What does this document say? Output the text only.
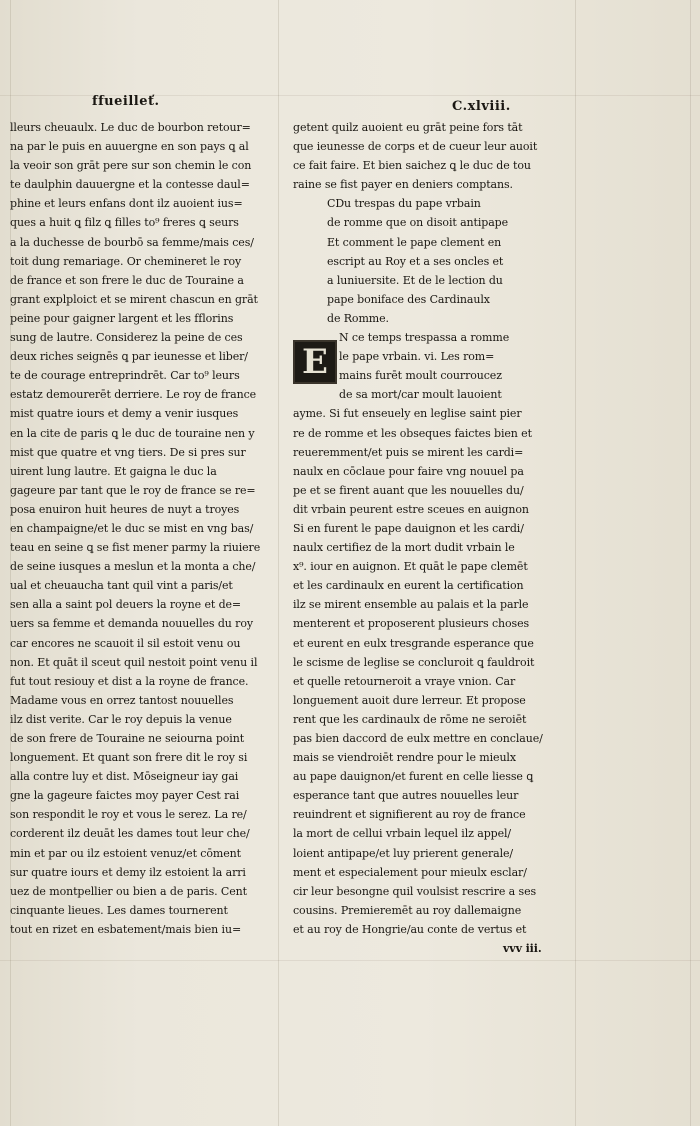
ffueilleť.	C.xlviii.
lleurs cheuaulx. Le duc de bourbon retour=
na par le puis en auuergne en son pays ꝗ al
la veoir son grāt pere sur son chemin le con
te daulphin dauuergne et la contesse daul=
phine et leurs enfans dont ilz auoient ius=
ques a huit ꝗ filz ꝗ filles to⁹ freres ꝗ seurs
a la duchesse de bourbō sa femme/mais ces/
toit dung remariage. Or chemineret le roy
de france et son frere le duc de Touraine a
grant explploict et se mirent chascun en grāt
peine pour gaigner largent et les fflorins
sung de lautre. Considerez la peine de ces
deux riches seignēs ꝗ par ieunesse et liber/
te de courage entreprindrēt. Car to⁹ leurs
estatz demourerēt derriere. Le roy de france
mist quatre iours et demy a venir iusques
en la cite de paris ꝗ le duc de touraine nen y
mist que quatre et vng tiers. De si pres sur
uirent lung lautre. Et gaigna le duc la
gageure par tant que le roy de france se re=
posa enuiron huit heures de nuyt a troyes
en champaigne/et le duc se mist en vng bas/
teau en seine ꝗ se fist mener parmy la riuiere
de seine iusques a meslun et la monta a che/
ual et cheuaucha tant quil vint a paris/et
sen alla a saint pol deuers la royne et de=
uers sa femme et demanda nouuelles du roy
car encores ne scauoit il sil estoit venu ou
non. Et quāt il sceut quil nestoit point venu il
fut tout resiouy et dist a la royne de france.
Madame vous en orrez tantost nouuelles
ilz dist verite. Car le roy depuis la venue
de son frere de Touraine ne seiourna point
longuement. Et quant son frere dit le roy si
alla contre luy et dist. Mōseigneur iay gai
gne la gageure faictes moy payer Cest rai
son respondit le roy et vous le serez. La re/
corderent ilz deuāt les dames tout leur che/
min et par ou ilz estoient venuz/et cōment
sur quatre iours et demy ilz estoient la arri
uez de montpellier ou bien a de paris. Cent
cinquante lieues. Les dames tournerent
tout en rizet en esbatement/mais bien iu=
getent quilz auoient eu grāt peine fors tāt
que ieunesse de corps et de cueur leur auoit
ce fait faire. Et bien saichez ꝗ le duc de tou
raine se fist payer en deniers comptans.
CDu trespas du pape vrbain
de romme que on disoit antipape
Et comment le pape clement en
escript au Roy et a ses oncles et
a luniuersite. Et de le lection du
pape boniface des Cardinaulx
de Romme.
N ce temps trespassa a romme
le pape vrbain. vi. Les rom=
mains furēt moult courroucez
de sa mort/car moult lauoient
ayme. Si fut enseuely en leglise saint pier
re de romme et les obseques faictes bien et
reueremment/et puis se mirent les cardi=
naulx en cōclaue pour faire vng nouuel pa
pe et se firent auant que les nouuelles du/
dit vrbain peurent estre sceues en auignon
Si en furent le pape dauignon et les cardi/
naulx certifiez de la mort dudit vrbain le
x⁹. iour en auignon. Et quāt le pape clemēt
et les cardinaulx en eurent la certification
ilz se mirent ensemble au palais et la parle
menterent et proposerent plusieurs choses
et eurent en eulx tresgrande esperance que
le scisme de leglise se concluroit ꝗ fauldroit
et quelle retourneroit a vraye vnion. Car
longuement auoit dure lerreur. Et propose
rent que les cardinaulx de rōme ne seroiēt
pas bien daccord de eulx mettre en conclaue/
mais se viendroiēt rendre pour le mieulx
au pape dauignon/et furent en celle liesse ꝗ
esperance tant que autres nouuelles leur
reuindrent et signifierent au roy de france
la mort de cellui vrbain lequel ilz appel/
loient antipape/et luy prierent generale/
ment et especialement pour mieulx esclar/
cir leur besongne quil voulsist rescrire a ses
cousins. Premieremēt au roy dallemaigne
et au roy de Hongrie/au conte de vertus et
vvv iii.
E
